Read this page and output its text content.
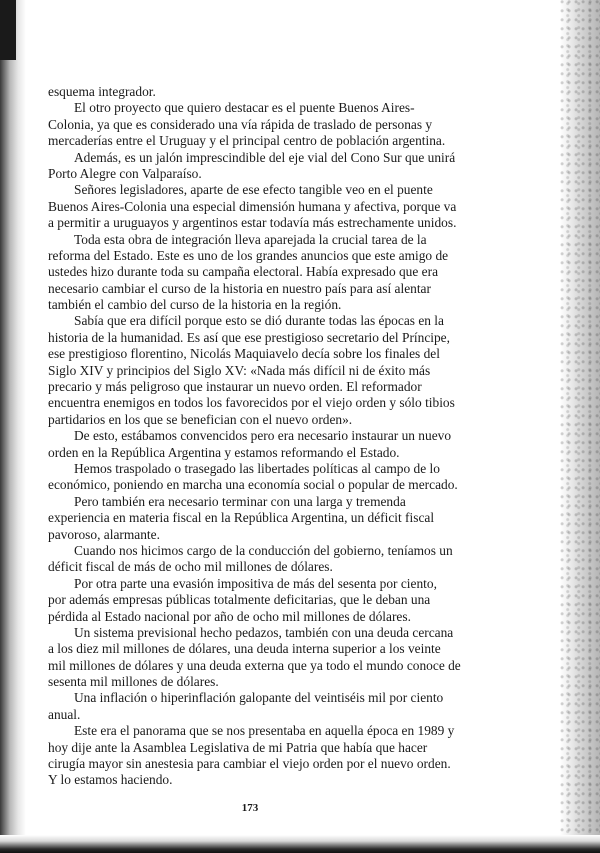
esquema integrador.
El otro proyecto que quiero destacar es el puente Buenos Aires-
Colonia, ya que es considerado una vía rápida de traslado de personas y
mercaderías entre el Uruguay y el principal centro de población argentina.
Además, es un jalón imprescindible del eje vial del Cono Sur que unirá
Porto Alegre con Valparaíso.
Señores legisladores, aparte de ese efecto tangible veo en el puente
Buenos Aires-Colonia una especial dimensión humana y afectiva, porque va
a permitir a uruguayos y argentinos estar todavía más estrechamente unidos.
Toda esta obra de integración lleva aparejada la crucial tarea de la
reforma del Estado. Este es uno de los grandes anuncios que este amigo de
ustedes hizo durante toda su campaña electoral. Había expresado que era
necesario cambiar el curso de la historia en nuestro país para así alentar
también el cambio del curso de la historia en la región.
Sabía que era difícil porque esto se dió durante todas las épocas en la
historia de la humanidad. Es así que ese prestigioso secretario del Príncipe,
ese prestigioso florentino, Nicolás Maquiavelo decía sobre los finales del
Siglo XIV y principios del Siglo XV: «Nada más difícil ni de éxito más
precario y más peligroso que instaurar un nuevo orden. El reformador
encuentra enemigos en todos los favorecidos por el viejo orden y sólo tibios
partidarios en los que se benefician con el nuevo orden».
De esto, estábamos convencidos pero era necesario instaurar un nuevo
orden en la República Argentina y estamos reformando el Estado.
Hemos traspolado o trasegado las libertades políticas al campo de lo
económico, poniendo en marcha una economía social o popular de mercado.
Pero también era necesario terminar con una larga y tremenda
experiencia en materia fiscal en la República Argentina, un déficit fiscal
pavoroso, alarmante.
Cuando nos hicimos cargo de la conducción del gobierno, teníamos un
déficit fiscal de más de ocho mil millones de dólares.
Por otra parte una evasión impositiva de más del sesenta por ciento,
por además empresas públicas totalmente deficitarias, que le deban una
pérdida al Estado nacional por año de ocho mil millones de dólares.
Un sistema previsional hecho pedazos, también con una deuda cercana
a los diez mil millones de dólares, una deuda interna superior a los veinte
mil millones de dólares y una deuda externa que ya todo el mundo conoce de
sesenta mil millones de dólares.
Una inflación o hiperinflación galopante del veintiséis mil por ciento
anual.
Este era el panorama que se nos presentaba en aquella época en 1989 y
hoy dije ante la Asamblea Legislativa de mi Patria que había que hacer
cirugía mayor sin anestesia para cambiar el viejo orden por el nuevo orden.
Y lo estamos haciendo.
173
